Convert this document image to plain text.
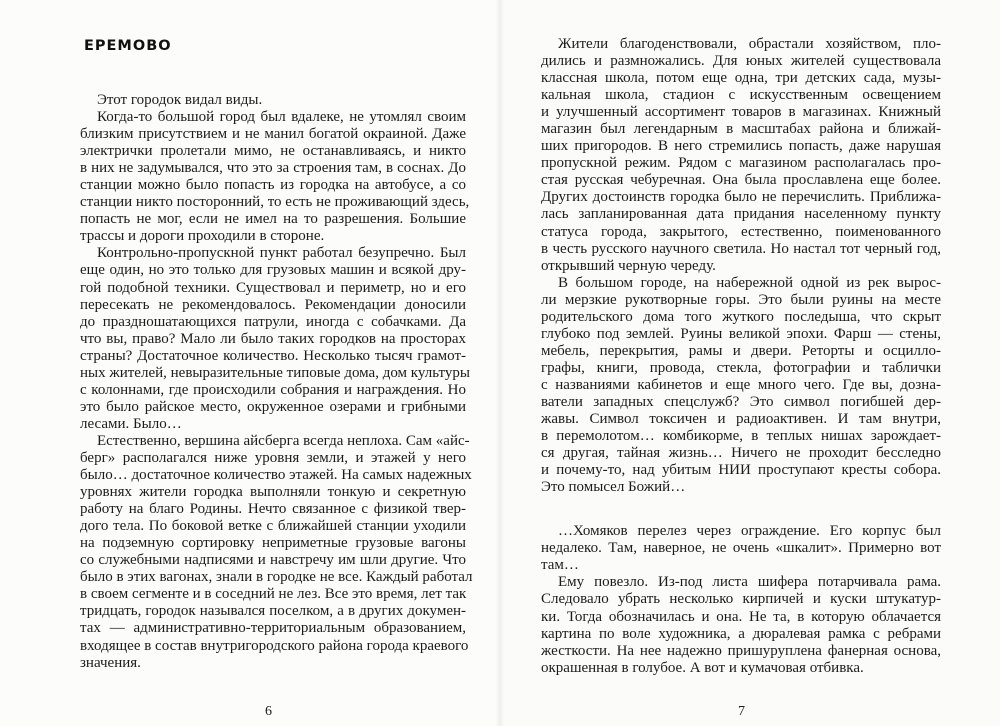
ЕРЕМОВО
Этот городок видал виды.
Когда-то большой город был вдалеке, не утомлял своим
близким присутствием и не манил богатой окраиной. Даже
электрички пролетали мимо, не останавливаясь, и никто
в них не задумывался, что это за строения там, в соснах. До
станции можно было попасть из городка на автобусе, а со
станции никто посторонний, то есть не проживающий здесь,
попасть не мог, если не имел на то разрешения. Большие
трассы и дороги проходили в стороне.
Контрольно-пропускной пункт работал безупречно. Был
еще один, но это только для грузовых машин и всякой дру-
гой подобной техники. Существовал и периметр, но и его
пересекать не рекомендовалось. Рекомендации доносили
до праздношатающихся патрули, иногда с собачками. Да
что вы, право? Мало ли было таких городков на просторах
страны? Достаточное количество. Несколько тысяч грамот-
ных жителей, невыразительные типовые дома, дом культуры
с колоннами, где происходили собрания и награждения. Но
это было райское место, окруженное озерами и грибными
лесами. Было…
Естественно, вершина айсберга всегда неплоха. Сам «айс-
берг» располагался ниже уровня земли, и этажей у него
было… достаточное количество этажей. На самых надежных
уровнях жители городка выполняли тонкую и секретную
работу на благо Родины. Нечто связанное с физикой твер-
дого тела. По боковой ветке с ближайшей станции уходили
на подземную сортировку неприметные грузовые вагоны
со служебными надписями и навстречу им шли другие. Что
было в этих вагонах, знали в городке не все. Каждый работал
в своем сегменте и в соседний не лез. Все это время, лет так
тридцать, городок назывался поселком, а в других докумен-
тах — административно-территориальным образованием,
входящее в состав внутригородского района города краевого
значения.
6
Жители благоденствовали, обрастали хозяйством, пло-
дились и размножались. Для юных жителей существовала
классная школа, потом еще одна, три детских сада, музы-
кальная школа, стадион с искусственным освещением
и улучшенный ассортимент товаров в магазинах. Книжный
магазин был легендарным в масштабах района и ближай-
ших пригородов. В него стремились попасть, даже нарушая
пропускной режим. Рядом с магазином располагалась про-
стая русская чебуречная. Она была прославлена еще более.
Других достоинств городка было не перечислить. Приближа-
лась запланированная дата придания населенному пункту
статуса города, закрытого, естественно, поименованного
в честь русского научного светила. Но настал тот черный год,
открывший черную череду.
В большом городе, на набережной одной из рек вырос-
ли мерзкие рукотворные горы. Это были руины на месте
родительского дома того жуткого последыша, что скрыт
глубоко под землей. Руины великой эпохи. Фарш — стены,
мебель, перекрытия, рамы и двери. Реторты и осцилло-
графы, книги, провода, стекла, фотографии и таблички
с названиями кабинетов и еще много чего. Где вы, дозна-
ватели западных спецслужб? Это символ погибшей дер-
жавы. Символ токсичен и радиоактивен. И там внутри,
в перемолотом… комбикорме, в теплых нишах зарождает-
ся другая, тайная жизнь… Ничего не проходит бесследно
и почему-то, над убитым НИИ проступают кресты собора.
Это помысел Божий…
…Хомяков перелез через ограждение. Его корпус был
недалеко. Там, наверное, не очень «шкалит». Примерно вот
там…
Ему повезло. Из-под листа шифера потарчивала рама.
Следовало убрать несколько кирпичей и куски штукатур-
ки. Тогда обозначилась и она. Не та, в которую облачается
картина по воле художника, а дюралевая рамка с ребрами
жесткости. На нее надежно пришуруплена фанерная основа,
окрашенная в голубое. А вот и кумачовая отбивка.
7
